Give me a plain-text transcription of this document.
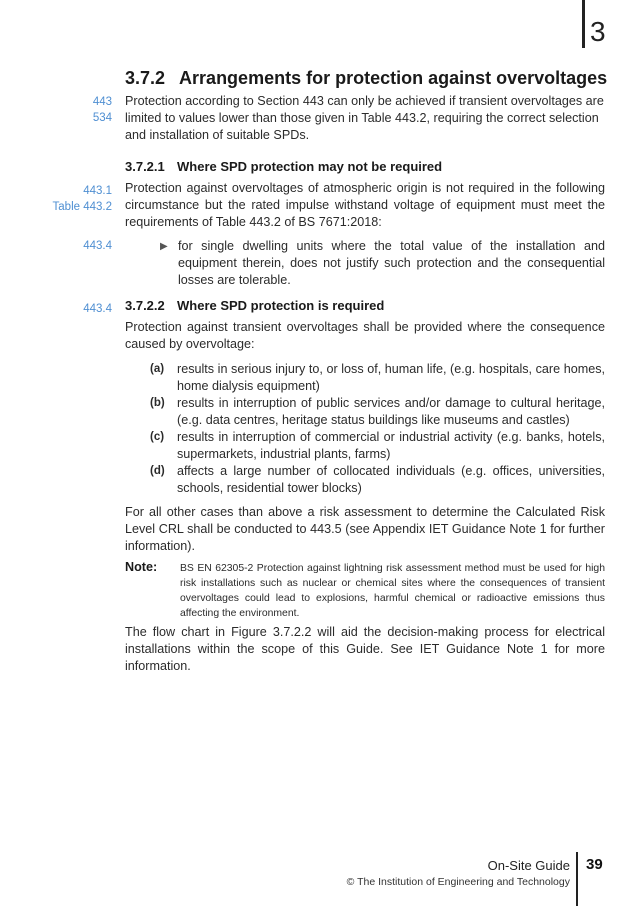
3
3.7.2 Arrangements for protection against overvoltages
443
534
Protection according to Section 443 can only be achieved if transient overvoltages are
limited to values lower than those given in Table 443.2, requiring the correct selection
and installation of suitable SPDs.
3.7.2.1 Where SPD protection may not be required
443.1
Table 443.2
Protection against overvoltages of atmospheric origin is not required in the following circumstance but the rated impulse withstand voltage of equipment must meet the requirements of Table 443.2 of BS 7671:2018:
443.4	▶ for single dwelling units where the total value of the installation and equipment therein, does not justify such protection and the consequential losses are tolerable.
443.4 3.7.2.2 Where SPD protection is required
Protection against transient overvoltages shall be provided where the consequence caused by overvoltage:
(a) results in serious injury to, or loss of, human life, (e.g. hospitals, care homes, home dialysis equipment)
(b) results in interruption of public services and/or damage to cultural heritage, (e.g. data centres, heritage status buildings like museums and castles)
(c) results in interruption of commercial or industrial activity (e.g. banks, hotels, supermarkets, industrial plants, farms)
(d) affects a large number of collocated individuals (e.g. offices, universities, schools, residential tower blocks)
For all other cases than above a risk assessment to determine the Calculated Risk Level CRL shall be conducted to 443.5 (see Appendix IET Guidance Note 1 for further information).
Note: BS EN 62305-2 Protection against lightning risk assessment method must be used for high risk installations such as nuclear or chemical sites where the consequences of transient overvoltages could lead to explosions, harmful chemical or radioactive emissions thus affecting the environment.
The flow chart in Figure 3.7.2.2 will aid the decision-making process for electrical installations within the scope of this Guide. See IET Guidance Note 1 for more information.
On-Site Guide
© The Institution of Engineering and Technology
39
